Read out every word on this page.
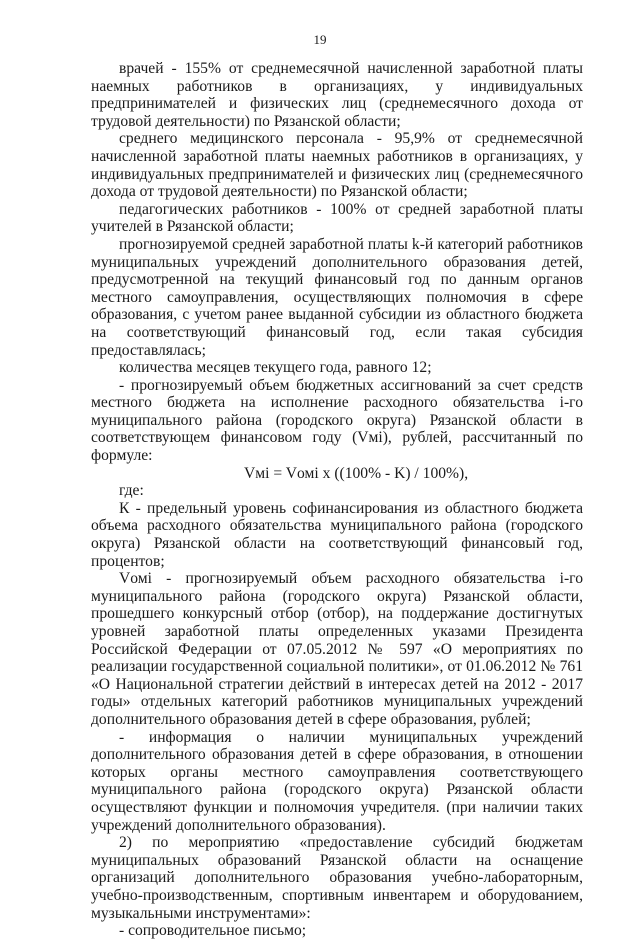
19

врачей - 155% от среднемесячной начисленной заработной платы наемных работников в организациях, у индивидуальных предпринимателей и физических лиц (среднемесячного дохода от трудовой деятельности) по Рязанской области;

среднего медицинского персонала - 95,9% от среднемесячной начисленной заработной платы наемных работников в организациях, у индивидуальных предпринимателей и физических лиц (среднемесячного дохода от трудовой деятельности) по Рязанской области;

педагогических работников - 100% от средней заработной платы учителей в Рязанской области;

прогнозируемой средней заработной платы k-й категорий работников муниципальных учреждений дополнительного образования детей, предусмотренной на текущий финансовый год по данным органов местного самоуправления, осуществляющих полномочия в сфере образования, с учетом ранее выданной субсидии из областного бюджета на соответствующий финансовый год, если такая субсидия предоставлялась;

количества месяцев текущего года, равного 12;

- прогнозируемый объем бюджетных ассигнований за счет средств местного бюджета на исполнение расходного обязательства i-го муниципального района (городского округа) Рязанской области в соответствующем финансовом году (Vмi), рублей, рассчитанный по формуле:

Vмi = Vомi x ((100% - K) / 100%),

где:

К - предельный уровень софинансирования из областного бюджета объема расходного обязательства муниципального района (городского округа) Рязанской области на соответствующий финансовый год, процентов;

Vомi - прогнозируемый объем расходного обязательства i-го муниципального района (городского округа) Рязанской области, прошедшего конкурсный отбор (отбор), на поддержание достигнутых уровней заработной платы определенных указами Президента Российской Федерации от 07.05.2012 № 597 «О мероприятиях по реализации государственной социальной политики», от 01.06.2012 № 761 «О Национальной стратегии действий в интересах детей на 2012 - 2017 годы» отдельных категорий работников муниципальных учреждений дополнительного образования детей в сфере образования, рублей;

- информация о наличии муниципальных учреждений дополнительного образования детей в сфере образования, в отношении которых органы местного самоуправления соответствующего муниципального района (городского округа) Рязанской области осуществляют функции и полномочия учредителя. (при наличии таких учреждений дополнительного образования).

2) по мероприятию «предоставление субсидий бюджетам муниципальных образований Рязанской области на оснащение организаций дополнительного образования учебно-лабораторным, учебно-производственным, спортивным инвентарем и оборудованием, музыкальными инструментами»:

- сопроводительное письмо;
